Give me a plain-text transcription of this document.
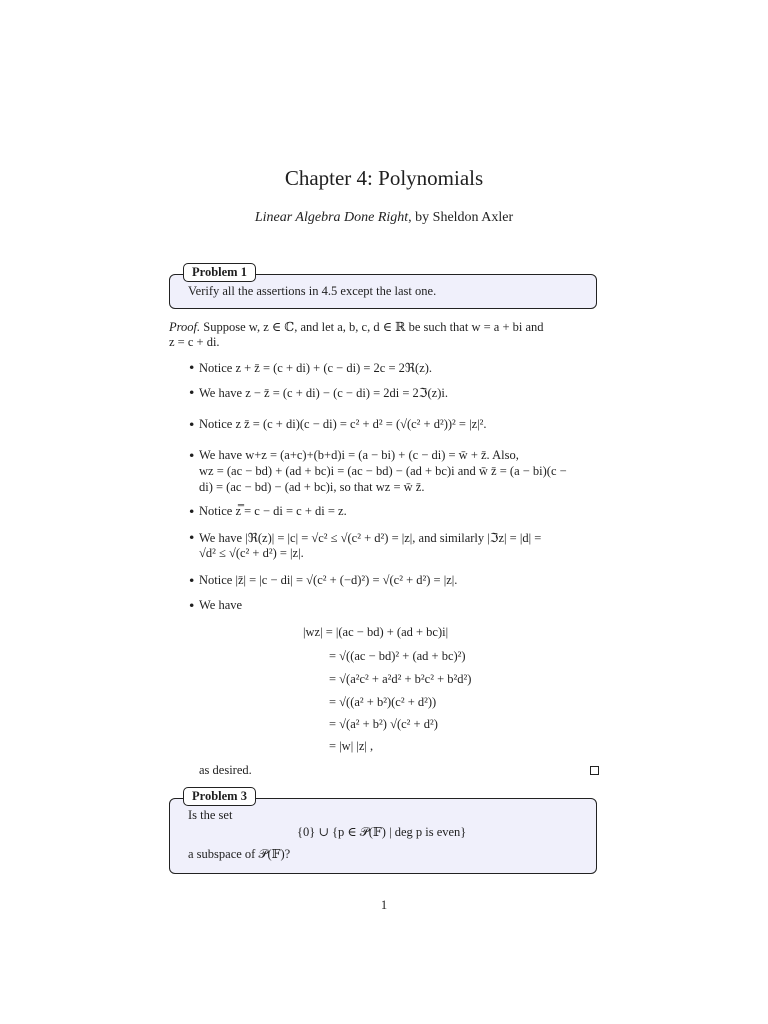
Chapter 4: Polynomials
Linear Algebra Done Right, by Sheldon Axler
Problem 1
Verify all the assertions in 4.5 except the last one.
Proof. Suppose w, z ∈ ℂ, and let a, b, c, d ∈ ℝ be such that w = a + bi and
z = c + di.
• Notice z + z̄ = (c + di) + (c − di) = 2c = 2ℜ(z).
• We have z − z̄ = (c + di) − (c − di) = 2di = 2ℑ(z)i.
• Notice z z̄ = (c + di)(c − di) = c² + d² = (√(c² + d²))² = |z|².
• We have w+z = (a+c)+(b+d)i = (a − bi) + (c − di) = w̄ + z̄. Also,
wz = (ac − bd) + (ad + bc)i = (ac − bd) − (ad + bc)i and w̄ z̄ = (a − bi)(c −
di) = (ac − bd) − (ad + bc)i, so that wz = w̄ z̄.
• Notice z̿ = c − di = c + di = z.
• We have |ℜ(z)| = |c| = √c² ≤ √(c² + d²) = |z|, and similarly |ℑz| = |d| =
√d² ≤ √(c² + d²) = |z|.
• Notice |z̄| = |c − di| = √(c² + (−d)²) = √(c² + d²) = |z|.
• We have
|wz| = |(ac − bd) + (ad + bc)i|
= √((ac − bd)² + (ad + bc)²)
= √(a²c² + a²d² + b²c² + b²d²)
= √((a² + b²)(c² + d²))
= √(a² + b²) √(c² + d²)
= |w| |z| ,
as desired.
Problem 3
Is the set
{0} ∪ {p ∈ 𝒫(𝔽) | deg p is even}
a subspace of 𝒫(𝔽)?
1
